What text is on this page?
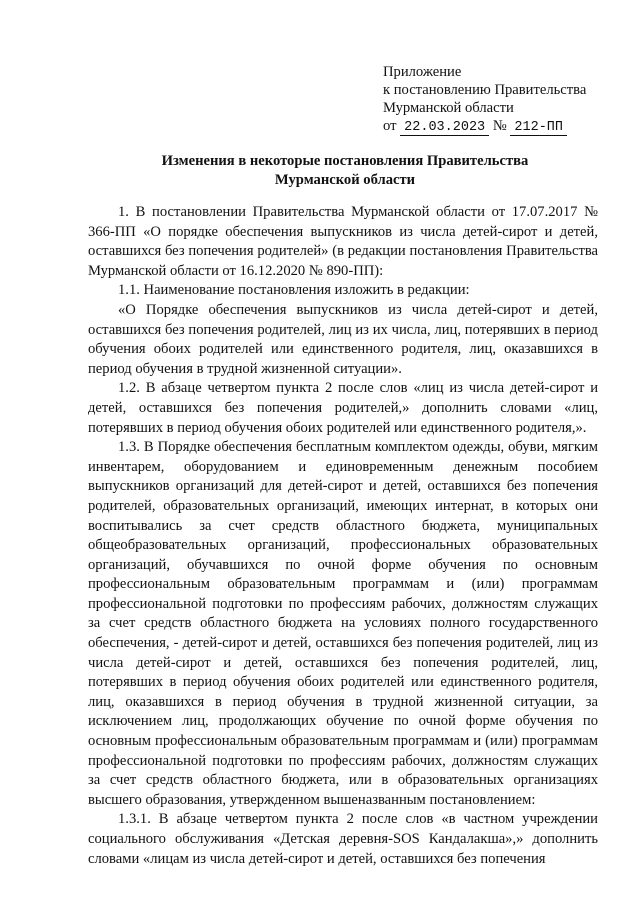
Приложение
к постановлению Правительства
Мурманской области
от 22.03.2023 № 212-ПП
Изменения в некоторые постановления Правительства
Мурманской области

1. В постановлении Правительства Мурманской области от 17.07.2017 № 366-ПП «О порядке обеспечения выпускников из числа детей-сирот и детей, оставшихся без попечения родителей» (в редакции постановления Правительства Мурманской области от 16.12.2020 № 890-ПП):

1.1. Наименование постановления изложить в редакции:

«О Порядке обеспечения выпускников из числа детей-сирот и детей, оставшихся без попечения родителей, лиц из их числа, лиц, потерявших в период обучения обоих родителей или единственного родителя, лиц, оказавшихся в период обучения в трудной жизненной ситуации».

1.2. В абзаце четвертом пункта 2 после слов «лиц из числа детей-сирот и детей, оставшихся без попечения родителей,» дополнить словами «лиц, потерявших в период обучения обоих родителей или единственного родителя,».

1.3. В Порядке обеспечения бесплатным комплектом одежды, обуви, мягким инвентарем, оборудованием и единовременным денежным пособием выпускников организаций для детей-сирот и детей, оставшихся без попечения родителей, образовательных организаций, имеющих интернат, в которых они воспитывались за счет средств областного бюджета, муниципальных общеобразовательных организаций, профессиональных образовательных организаций, обучавшихся по очной форме обучения по основным профессиональным образовательным программам и (или) программам профессиональной подготовки по профессиям рабочих, должностям служащих за счет средств областного бюджета на условиях полного государственного обеспечения, - детей-сирот и детей, оставшихся без попечения родителей, лиц из числа детей-сирот и детей, оставшихся без попечения родителей, лиц, потерявших в период обучения обоих родителей или единственного родителя, лиц, оказавшихся в период обучения в трудной жизненной ситуации, за исключением лиц, продолжающих обучение по очной форме обучения по основным профессиональным образовательным программам и (или) программам профессиональной подготовки по профессиям рабочих, должностям служащих за счет средств областного бюджета, или в образовательных организациях высшего образования, утвержденном вышеназванным постановлением:

1.3.1. В абзаце четвертом пункта 2 после слов «в частном учреждении социального обслуживания «Детская деревня-SOS Кандалакша»,» дополнить словами «лицам из числа детей-сирот и детей, оставшихся без попечения
